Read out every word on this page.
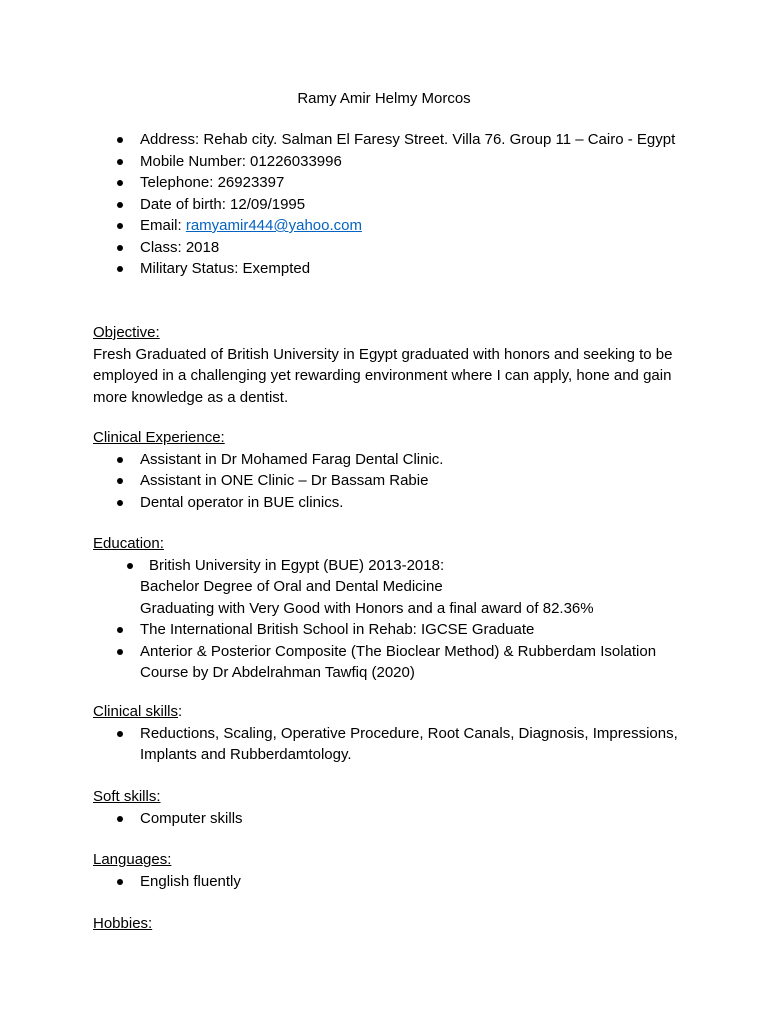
Ramy Amir Helmy Morcos
Address: Rehab city. Salman El Faresy Street. Villa 76. Group 11 – Cairo - Egypt
Mobile Number: 01226033996
Telephone: 26923397
Date of birth: 12/09/1995
Email: ramyamir444@yahoo.com
Class: 2018
Military Status: Exempted

Objective:

Fresh Graduated of British University in Egypt graduated with honors and seeking to be employed in a challenging yet rewarding environment where I can apply, hone and gain more knowledge as a dentist.

Clinical Experience:

Assistant in Dr Mohamed Farag Dental Clinic.
Assistant in ONE Clinic – Dr Bassam Rabie
Dental operator in BUE clinics.

Education:

British University in Egypt (BUE) 2013-2018:
Bachelor Degree of Oral and Dental Medicine
Graduating with Very Good with Honors and a final award of 82.36%
The International British School in Rehab: IGCSE Graduate
Anterior & Posterior Composite (The Bioclear Method) & Rubberdam Isolation Course by Dr Abdelrahman Tawfiq (2020)

Clinical skills:

Reductions, Scaling, Operative Procedure, Root Canals, Diagnosis, Impressions, Implants and Rubberdamtology.

Soft skills:

Computer skills

Languages:

English fluently

Hobbies:
